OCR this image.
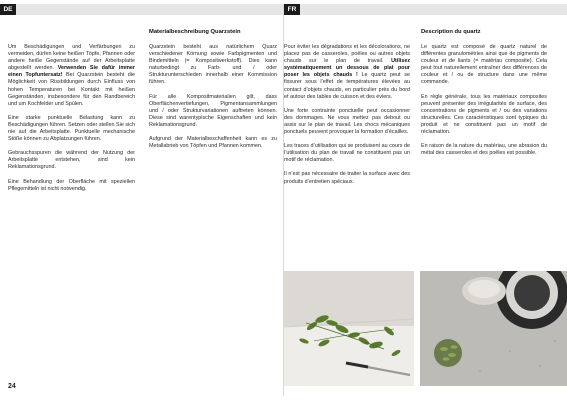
DE

Um Beschädigungen und Verfärbungen zu vermeiden, dürfen keine heißen Töpfe, Pfannen oder andere heiße Gegenstände auf der Arbeitsplatte abgestellt werden. Verwenden Sie dafür immer einen Topfuntersatz! Bei Quarzstein besteht die Möglichkeit von Rissbildungen durch Einfluss von hohen Temperaturen bei Kontakt mit heißen Gegenständen, insbesondere für den Randbereich und um Kochfelder und Spülen.

Eine starke punktuelle Belastung kann zu Beschädigungen führen. Setzen oder stellen Sie sich nie auf die Arbeitsplatte. Punktuelle mechanische Stöße können zu Abplatzungen führen.

Gebrauchsspuren die während der Nutzung der Arbeitsplatte entstehen, sind kein Reklamationsgrund.

Eine Behandlung der Oberfläche mit speziellen Pflegemitteln ist nicht notwendig.

Materialbeschreibung Quarzstein

Quarzstein besteht aus natürlichem Quarz verschiedener Körnung sowie Farbpigmenten und Bindemitteln (= Kompositwerkstoff). Dies kann naturbedingt zu Farb- und / oder Strukturunterschieden innerhalb einer Kommission führen.

Für alle Kompositmaterialien gilt, dass Oberflächenvertiefungen, Pigmentansammlungen und / oder Strukturvariationen auftreten können. Diese sind warentypische Eigenschaften und kein Reklamationsgrund.

Aufgrund der Materialbeschaffenheit kann es zu Metallabrieb von Töpfen und Pfannen kommen.

24
FR

Pour éviter les dégradations et les décolorations, ne placez pas de casseroles, poêles ou autres objets chauds sur le plan de travail. Utilisez systématiquement un dessous de plat pour poser les objets chauds ! Le quartz peut se fissurer sous l’effet de températures élevées au contact d’objets chauds, en particulier près du bord et autour des tables de cuisson et des éviers.

Une forte contrainte ponctuelle peut occasionner des dommages. Ne vous mettez pas debout ou assis sur le plan de travail. Les chocs mécaniques ponctuels peuvent provoquer la formation d’écailles.

Les traces d’utilisation qui se produisent au cours de l’utilisation du plan de travail ne constituent pas un motif de réclamation.

Il n’est pas nécessaire de traiter la surface avec des produits d’entretien spéciaux.

Description du quartz

Le quartz est composé de quartz naturel de différentes granulométries ainsi que de pigments de couleur et de liants (= matériau composite). Cela peut tout naturellement entraîner des différences de couleur et / ou de structure dans une même commande.

En règle générale, tous les matériaux composites peuvent présenter des irrégularités de surface, des concentrations de pigments et / ou des variations structurelles. Ces caractéristiques sont typiques du produit et ne constituent pas un motif de réclamation.

En raison de la nature du matériau, une abrasion du métal des casseroles et des poêles est possible.
